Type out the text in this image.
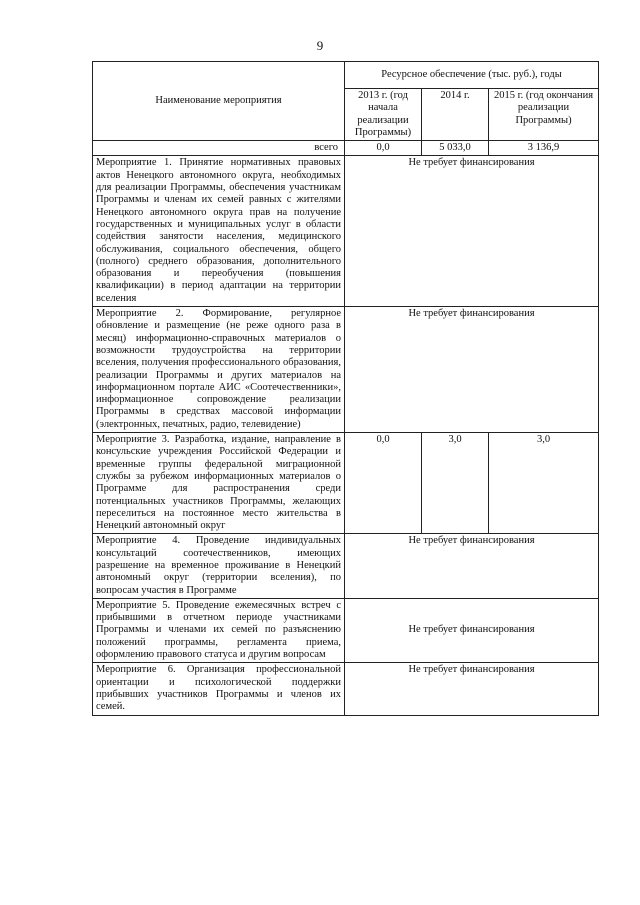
9
Наименование мероприятия	Ресурсное обеспечение (тыс. руб.), годы		
	2013 г. (год начала реализации Программы)	2014 г.	2015 г. (год окончания реализации Программы)
всего	0,0	5 033,0	3 136,9
Мероприятие 1. Принятие нормативных правовых актов Ненецкого автономного округа, необходимых для реализации Программы, обеспечения участникам Программы и членам их семей равных с жителями Ненецкого автономного округа прав на получение государственных и муниципальных услуг в области содействия занятости населения, медицинского обслуживания, социального обеспечения, общего (полного) среднего образования, дополнительного образования и переобучения (повышения квалификации) в период адаптации на территории вселения	Не требует финансирования		
Мероприятие 2. Формирование, регулярное обновление и размещение (не реже одного раза в месяц) информационно-справочных материалов о возможности трудоустройства на территории вселения, получения профессионального образования, реализации Программы и других материалов на информационном портале АИС «Соотечественники», информационное сопровождение реализации Программы в средствах массовой информации (электронных, печатных, радио, телевидение)	Не требует финансирования		
Мероприятие 3. Разработка, издание, направление в консульские учреждения Российской Федерации и временные группы федеральной миграционной службы за рубежом информационных материалов о Программе для распространения среди потенциальных участников Программы, желающих переселиться на постоянное место жительства в Ненецкий автономный округ	0,0	3,0	3,0
Мероприятие 4. Проведение индивидуальных консультаций соотечественников, имеющих разрешение на временное проживание в Ненецкий автономный округ (территории вселения), по вопросам участия в Программе	Не требует финансирования		
Мероприятие 5. Проведение ежемесячных встреч с прибывшими в отчетном периоде участниками Программы и членами их семей по разъяснению положений программы, регламента приема, оформлению правового статуса и другим вопросам	Не требует финансирования		
Мероприятие 6. Организация профессиональной ориентации и психологической поддержки прибывших участников Программы и членов их семей.	Не требует финансирования		
